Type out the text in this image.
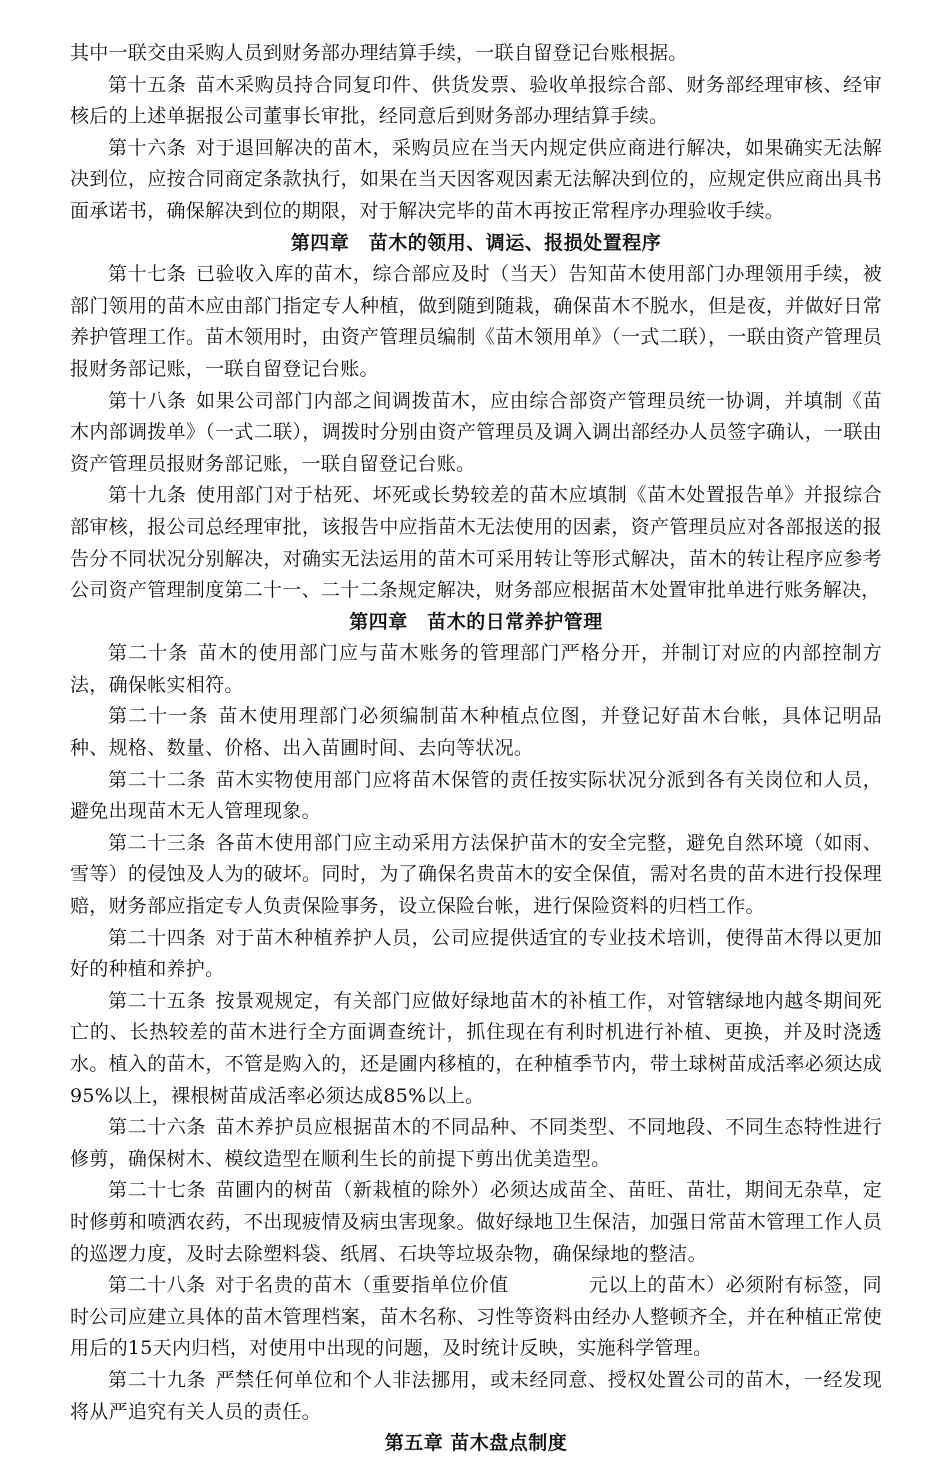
其中一联交由采购人员到财务部办理结算手续，一联自留登记台账根据。

第十五条 苗木采购员持合同复印件、供货发票、验收单报综合部、财务部经理审核、经审核后的上述单据报公司董事长审批，经同意后到财务部办理结算手续。

第十六条 对于退回解决的苗木，采购员应在当天内规定供应商进行解决，如果确实无法解决到位，应按合同商定条款执行，如果在当天因客观因素无法解决到位的，应规定供应商出具书面承诺书，确保解决到位的期限，对于解决完毕的苗木再按正常程序办理验收手续。

第四章　苗木的领用、调运、报损处置程序

第十七条 已验收入库的苗木，综合部应及时（当天）告知苗木使用部门办理领用手续，被部门领用的苗木应由部门指定专人种植，做到随到随栽，确保苗木不脱水，但是夜，并做好日常养护管理工作。苗木领用时，由资产管理员编制《苗木领用单》（一式二联），一联由资产管理员报财务部记账，一联自留登记台账。

第十八条 如果公司部门内部之间调拨苗木，应由综合部资产管理员统一协调，并填制《苗木内部调拨单》（一式二联），调拨时分别由资产管理员及调入调出部经办人员签字确认，一联由资产管理员报财务部记账，一联自留登记台账。

第十九条 使用部门对于枯死、坏死或长势较差的苗木应填制《苗木处置报告单》并报综合部审核，报公司总经理审批，该报告中应指苗木无法使用的因素，资产管理员应对各部报送的报告分不同状况分别解决，对确实无法运用的苗木可采用转让等形式解决，苗木的转让程序应参考公司资产管理制度第二十一、二十二条规定解决，财务部应根据苗木处置审批单进行账务解决，

第四章　苗木的日常养护管理

第二十条 苗木的使用部门应与苗木账务的管理部门严格分开，并制订对应的内部控制方法，确保帐实相符。

第二十一条 苗木使用理部门必须编制苗木种植点位图，并登记好苗木台帐，具体记明品种、规格、数量、价格、出入苗圃时间、去向等状况。

第二十二条 苗木实物使用部门应将苗木保管的责任按实际状况分派到各有关岗位和人员，避免出现苗木无人管理现象。

第二十三条 各苗木使用部门应主动采用方法保护苗木的安全完整，避免自然环境（如雨、雪等）的侵蚀及人为的破坏。同时，为了确保名贵苗木的安全保值，需对名贵的苗木进行投保理赔，财务部应指定专人负责保险事务，设立保险台帐，进行保险资料的归档工作。

第二十四条 对于苗木种植养护人员，公司应提供适宜的专业技术培训，使得苗木得以更加好的种植和养护。

第二十五条 按景观规定，有关部门应做好绿地苗木的补植工作，对管辖绿地内越冬期间死亡的、长热较差的苗木进行全方面调查统计，抓住现在有利时机进行补植、更换，并及时浇透水。植入的苗木，不管是购入的，还是圃内移植的，在种植季节内，带土球树苗成活率必须达成95%以上，裸根树苗成活率必须达成85%以上。

第二十六条 苗木养护员应根据苗木的不同品种、不同类型、不同地段、不同生态特性进行修剪，确保树木、模纹造型在顺利生长的前提下剪出优美造型。

第二十七条 苗圃内的树苗（新栽植的除外）必须达成苗全、苗旺、苗壮，期间无杂草，定时修剪和喷洒农药，不出现疲情及病虫害现象。做好绿地卫生保洁，加强日常苗木管理工作人员的巡逻力度，及时去除塑料袋、纸屑、石块等垃圾杂物，确保绿地的整洁。

第二十八条 对于名贵的苗木（重要指单位价值	元以上的苗木）必须附有标签，同时公司应建立具体的苗木管理档案，苗木名称、习性等资料由经办人整顿齐全，并在种植正常使用后的15天内归档，对使用中出现的问题，及时统计反映，实施科学管理。

第二十九条 严禁任何单位和个人非法挪用，或未经同意、授权处置公司的苗木，一经发现将从严追究有关人员的责任。

第五章 苗木盘点制度
